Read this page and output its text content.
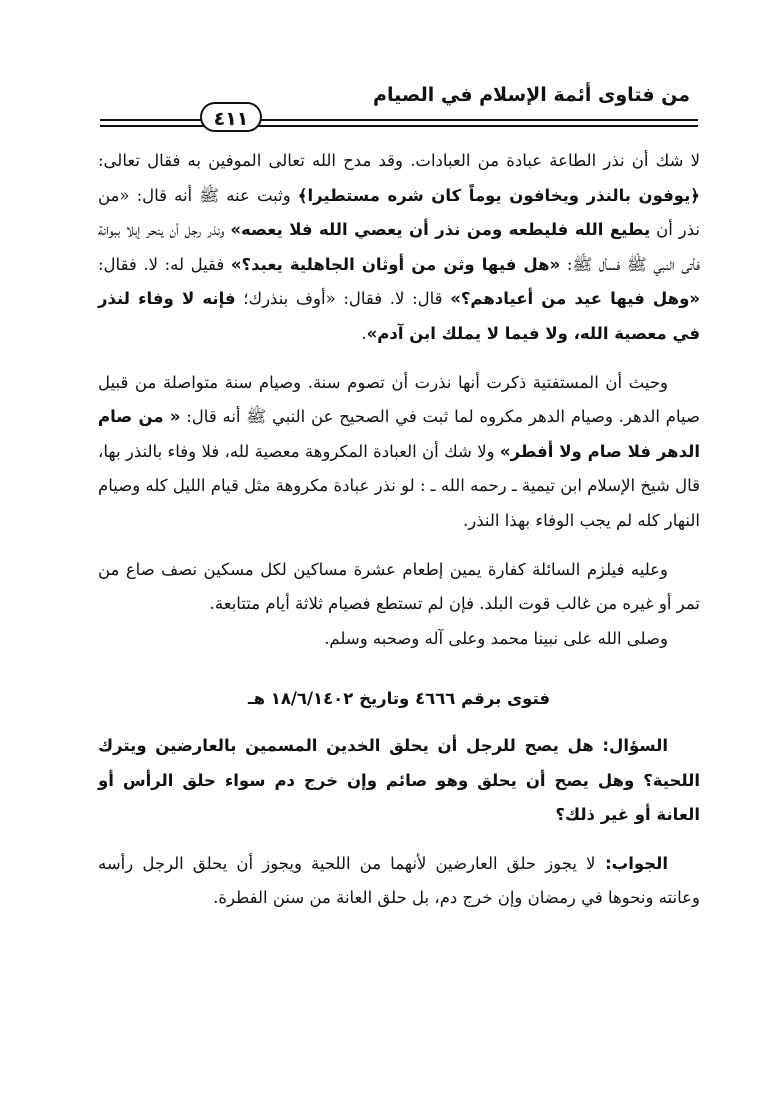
من فتاوى أئمة الإسلام في الصيام
٤١١

لا شك أن نذر الطاعة عبادة من العبادات. وقد مدح الله تعالى الموفين به فقال تعالى: ﴿يوفون بالنذر ويخافون يوماً كان شره مستطيرا﴾ وثبت عنه ﷺ أنه قال: «من نذر أن يطيع الله فليطعه ومن نذر أن يعصي الله فلا يعصه» ونذر رجل أن ينحر إبلا ببوانة فأتى النبي ﷺ فسأل ﷺ: «هل فيها وثن من أوثان الجاهلية يعبد؟» فقيل له: لا. فقال: «وهل فيها عيد من أعيادهم؟» قال: لا. فقال: «أوف بنذرك؛ فإنه لا وفاء لنذر في معصية الله، ولا فيما لا يملك ابن آدم».

وحيث أن المستفتية ذكرت أنها نذرت أن تصوم سنة. وصيام سنة متواصلة من قبيل صيام الدهر. وصيام الدهر مكروه لما ثبت في الصحيح عن النبي ﷺ أنه قال: « من صام الدهر فلا صام ولا أفطر» ولا شك أن العبادة المكروهة معصية لله، فلا وفاء بالنذر بها، قال شيخ الإسلام ابن تيمية ـ رحمه الله ـ : لو نذر عبادة مكروهة مثل قيام الليل كله وصيام النهار كله لم يجب الوفاء بهذا النذر.

وعليه فيلزم السائلة كفارة يمين إطعام عشرة مساكين لكل مسكين نصف صاع من تمر أو غيره من غالب قوت البلد. فإن لم تستطع فصيام ثلاثة أيام متتابعة.

وصلى الله على نبينا محمد وعلى آله وصحبه وسلم.

فتوى برقم ٤٦٦٦ وتاريخ ١٨/٦/١٤٠٢ هـ

السؤال: هل يصح للرجل أن يحلق الخدين المسمين بالعارضين ويترك اللحية؟ وهل يصح أن يحلق وهو صائم وإن خرج دم سواء حلق الرأس أو العانة أو غير ذلك؟

الجواب: لا يجوز حلق العارضين لأنهما من اللحية ويجوز أن يحلق الرجل رأسه وعانته ونحوها في رمضان وإن خرج دم، بل حلق العانة من سنن الفطرة.
